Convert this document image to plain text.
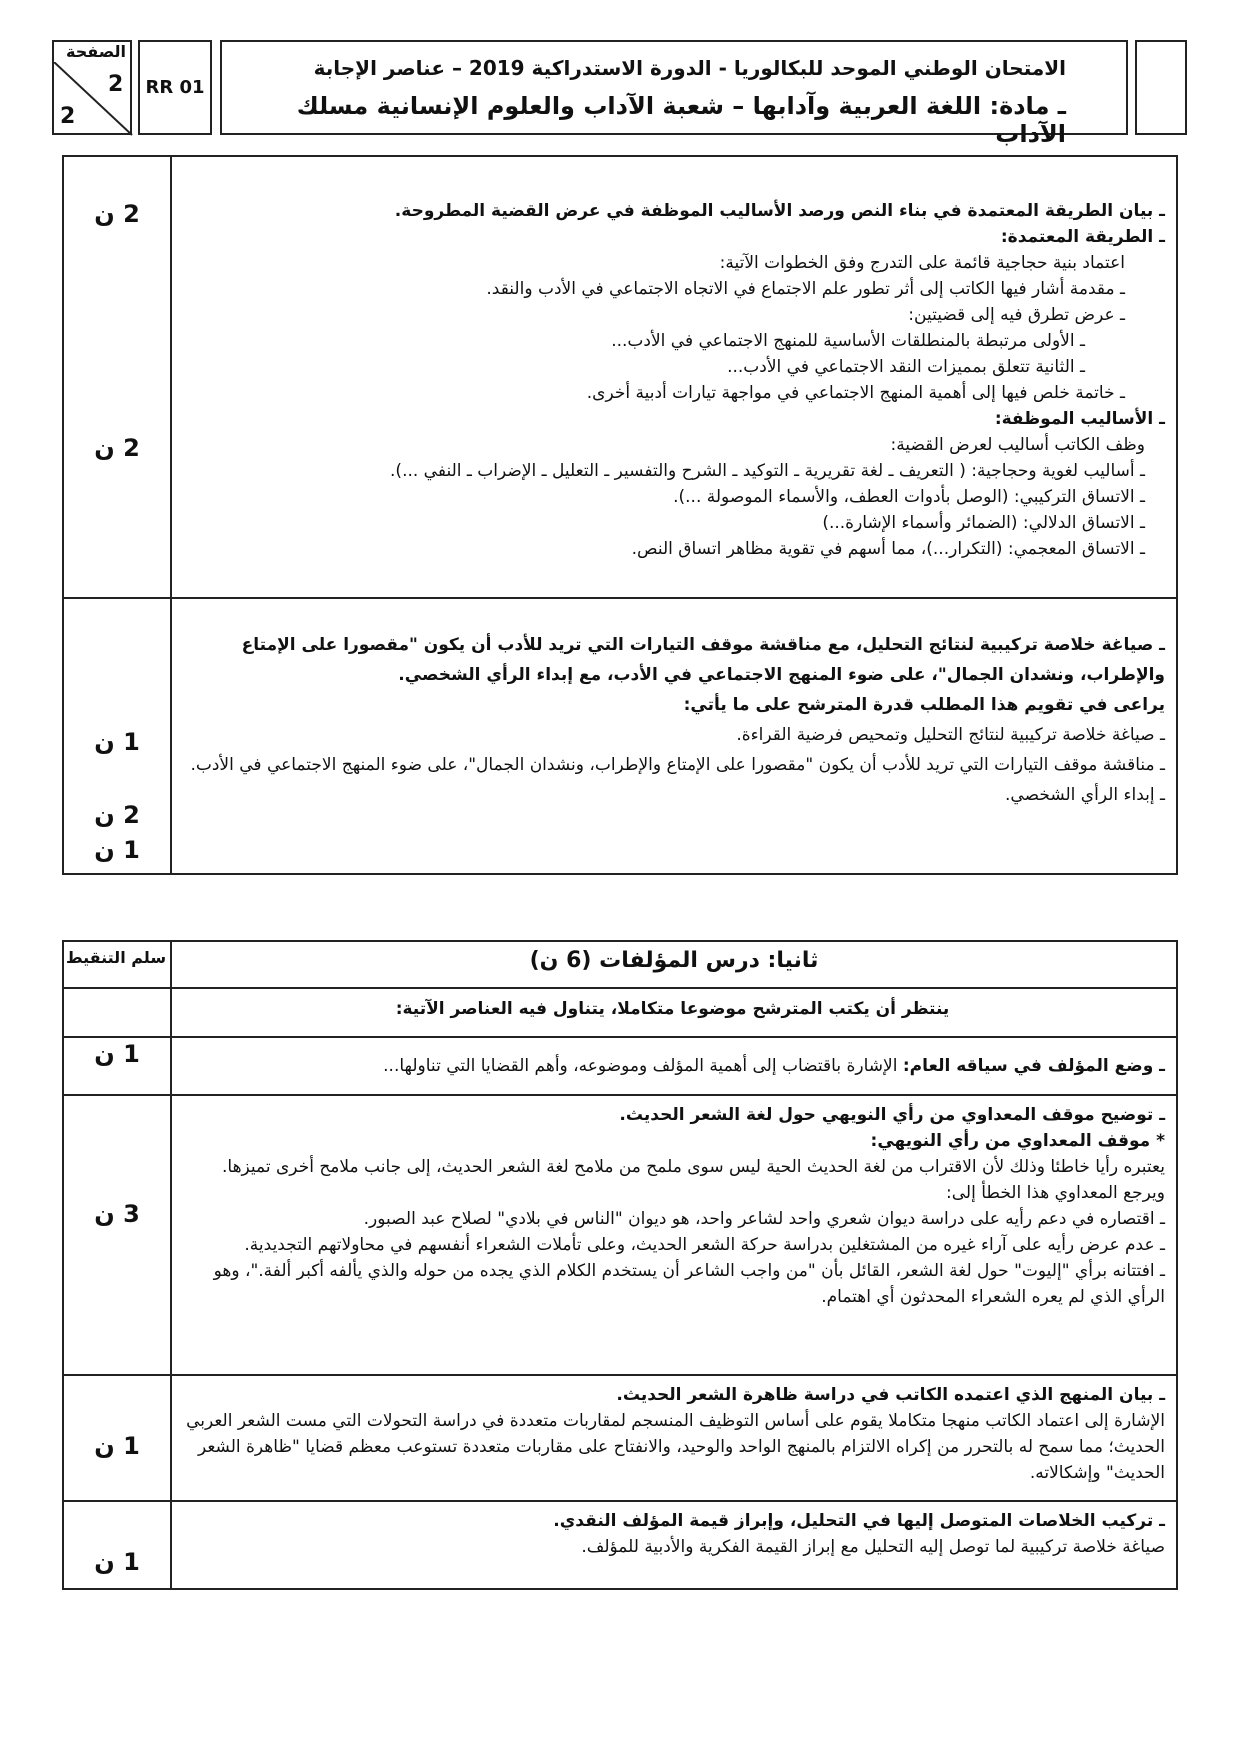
الصفحة
2
2
RR 01
الامتحان الوطني الموحد للبكالوريا - الدورة الاستدراكية 2019 – عناصر الإجابة
ـ مادة: اللغة العربية وآدابها – شعبة الآداب والعلوم الإنسانية مسلك الآداب
2 ن
2 ن
1 ن
2 ن
1 ن

ـ بيان الطريقة المعتمدة في بناء النص ورصد الأساليب الموظفة في عرض القضية المطروحة.

ـ الطريقة المعتمدة:

اعتماد بنية حجاجية قائمة على التدرج وفق الخطوات الآتية:

ـ مقدمة أشار فيها الكاتب إلى أثر تطور علم الاجتماع في الاتجاه الاجتماعي في الأدب والنقد.

ـ عرض تطرق فيه إلى قضيتين:

ـ الأولى مرتبطة بالمنطلقات الأساسية للمنهج الاجتماعي في الأدب...

ـ الثانية تتعلق بمميزات النقد الاجتماعي في الأدب...

ـ خاتمة خلص فيها إلى أهمية المنهج الاجتماعي في مواجهة تيارات أدبية أخرى.

ـ الأساليب الموظفة:

وظف الكاتب أساليب لعرض القضية:

ـ أساليب لغوية وحجاجية: ( التعريف ـ لغة تقريرية ـ التوكيد ـ الشرح والتفسير ـ التعليل ـ الإضراب ـ النفي ...).

ـ الاتساق التركيبي: (الوصل بأدوات العطف، والأسماء الموصولة ...).

ـ الاتساق الدلالي: (الضمائر وأسماء الإشارة...)

ـ الاتساق المعجمي: (التكرار...)، مما أسهم في تقوية مظاهر اتساق النص.

ـ صياغة خلاصة تركيبية لنتائج التحليل، مع مناقشة موقف التيارات التي تريد للأدب أن يكون "مقصورا على الإمتاع والإطراب، ونشدان الجمال"، على ضوء المنهج الاجتماعي في الأدب، مع إبداء الرأي الشخصي.

يراعى في تقويم هذا المطلب قدرة المترشح على ما يأتي:

ـ صياغة خلاصة تركيبية لنتائج التحليل وتمحيص فرضية القراءة.

ـ مناقشة موقف التيارات التي تريد للأدب أن يكون "مقصورا على الإمتاع والإطراب، ونشدان الجمال"، على ضوء المنهج الاجتماعي في الأدب.

ـ إبداء الرأي الشخصي.

سلم التنقيط	ثانيا: درس المؤلفات (6 ن)

ينتظر أن يكتب المترشح موضوعا متكاملا، يتناول فيه العناصر الآتية:

1 ن
3 ن
1 ن
1 ن

ـ وضع المؤلف في سياقه العام: الإشارة باقتضاب إلى أهمية المؤلف وموضوعه، وأهم القضايا التي تناولها...

ـ توضيح موقف المعداوي من رأي النويهي حول لغة الشعر الحديث.

* موقف المعداوي من رأي النويهي:

يعتبره رأيا خاطئا وذلك لأن الاقتراب من لغة الحديث الحية ليس سوى ملمح من ملامح لغة الشعر الحديث، إلى جانب ملامح أخرى تميزها. ويرجع المعداوي هذا الخطأ إلى:

ـ اقتصاره في دعم رأيه على دراسة ديوان شعري واحد لشاعر واحد، هو ديوان "الناس في بلادي" لصلاح عبد الصبور.

ـ عدم عرض رأيه على آراء غيره من المشتغلين بدراسة حركة الشعر الحديث، وعلى تأملات الشعراء أنفسهم في محاولاتهم التجديدية.

ـ افتتانه برأي "إليوت" حول لغة الشعر، القائل بأن "من واجب الشاعر أن يستخدم الكلام الذي يجده من حوله والذي يألفه أكبر ألفة."، وهو الرأي الذي لم يعره الشعراء المحدثون أي اهتمام.

ـ بيان المنهج الذي اعتمده الكاتب في دراسة ظاهرة الشعر الحديث.

الإشارة إلى اعتماد الكاتب منهجا متكاملا يقوم على أساس التوظيف المنسجم لمقاربات متعددة في دراسة التحولات التي مست الشعر العربي الحديث؛ مما سمح له بالتحرر من إكراه الالتزام بالمنهج الواحد والوحيد، والانفتاح على مقاربات متعددة تستوعب معظم قضايا "ظاهرة الشعر الحديث" وإشكالاته.

ـ تركيب الخلاصات المتوصل إليها في التحليل، وإبراز قيمة المؤلف النقدي.

صياغة خلاصة تركيبية لما توصل إليه التحليل مع إبراز القيمة الفكرية والأدبية للمؤلف.
